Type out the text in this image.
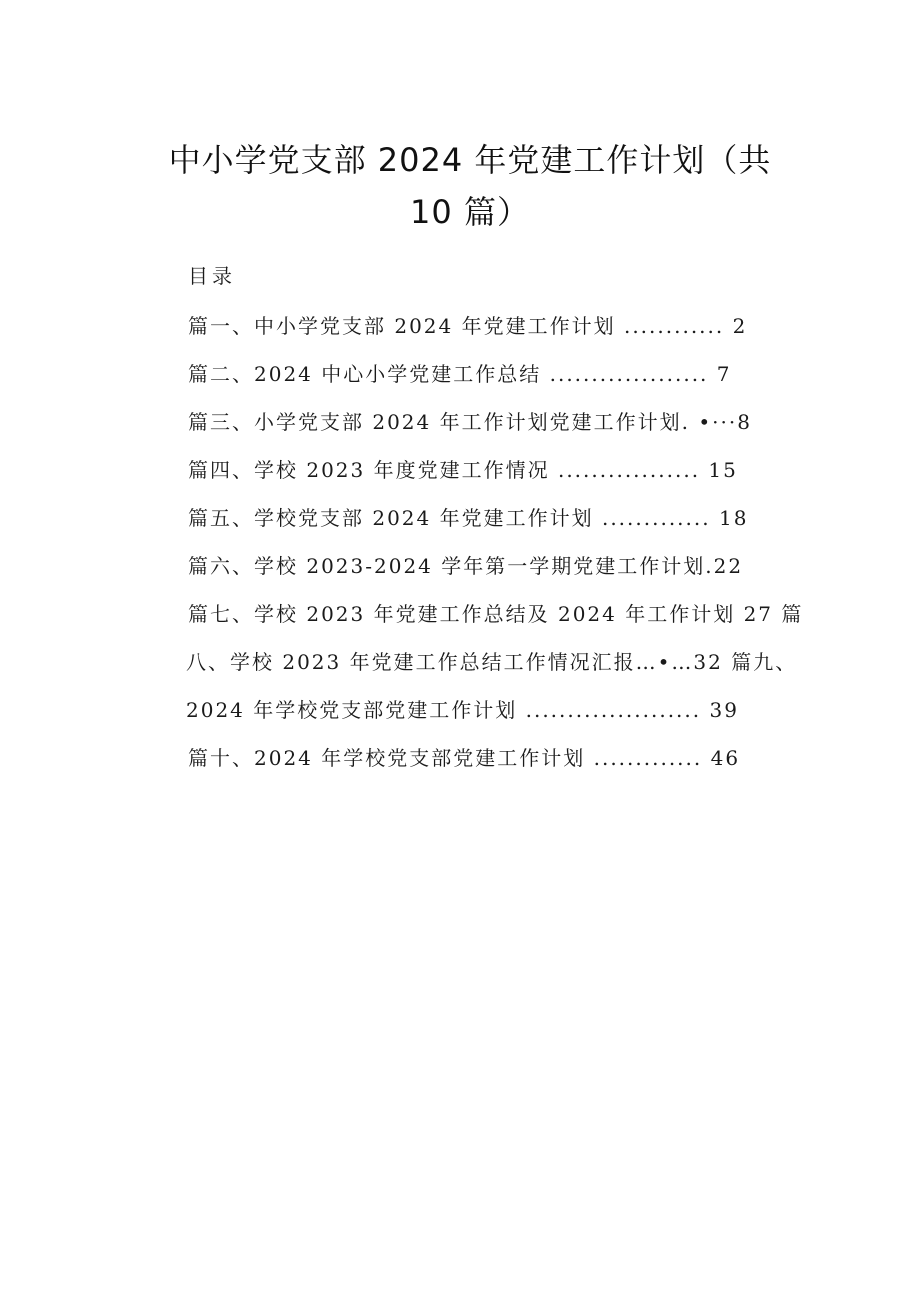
中小学党支部 2024 年党建工作计划（共 10 篇）
目录
篇一、中小学党支部 2024 年党建工作计划 ............ 2
篇二、2024 中心小学党建工作总结 ................... 7
篇三、小学党支部 2024 年工作计划党建工作计划. •···8
篇四、学校 2023 年度党建工作情况 ................. 15
篇五、学校党支部 2024 年党建工作计划 ............. 18
篇六、学校 2023-2024 学年第一学期党建工作计划.22
篇七、学校 2023 年党建工作总结及 2024 年工作计划 27 篇
八、学校 2023 年党建工作总结工作情况汇报…•…32 篇九、
2024 年学校党支部党建工作计划 ..................... 39
篇十、2024 年学校党支部党建工作计划 ............. 46
